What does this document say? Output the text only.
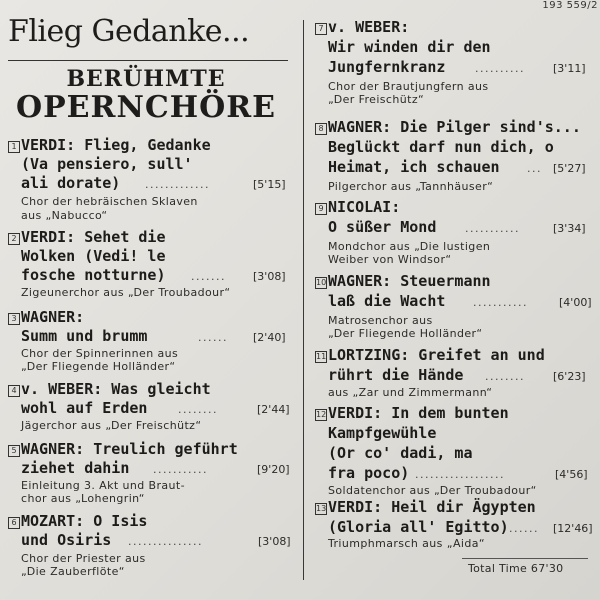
193 559/2
Flieg Gedanke...
BERÜHMTE
OPERNCHÖRE
1 VERDI: Flieg, Gedanke
(Va pensiero, sull'
ali dorate) .............	[5'15]
Chor der hebräischen Sklaven
aus „Nabucco“
2 VERDI: Sehet die
Wolken (Vedi! le
fosche notturne) ....... [3'08]
Zigeunerchor aus „Der Troubadour“
3 WAGNER:
Summ und brumm	...... [2'40]
Chor der Spinnerinnen aus
„Der Fliegende Holländer“
4 v. WEBER: Was gleicht
wohl auf Erden	........	[2'44]
Jägerchor aus „Der Freischütz“
5 WAGNER: Treulich geführt
ziehet dahin ...........	[9'20]
Einleitung 3. Akt und Braut-
chor aus „Lohengrin“
6 MOZART: O Isis
und Osiris ...............	[3'08]
Chor der Priester aus
„Die Zauberflöte“
7 v. WEBER:
Wir winden dir den
Jungfernkranz	..........	[3'11]
Chor der Brautjungfern aus
„Der Freischütz“
8 WAGNER: Die Pilger sind's...
Beglückt darf nun dich, o
Heimat, ich schauen ... [5'27]
Pilgerchor aus „Tannhäuser“
9 NICOLAI:
O süßer Mond	...........	[3'34]
Mondchor aus „Die lustigen
Weiber von Windsor“
10 WAGNER: Steuermann
laß die Wacht	...........	[4'00]
Matrosenchor aus
„Der Fliegende Holländer“
11 LORTZING: Greifet an und
rührt die Hände ........	[6'23]
aus „Zar und Zimmermann“
12 VERDI: In dem bunten
Kampfgewühle
(Or co' dadi, ma
fra poco) ..................	[4'56]
Soldatenchor aus „Der Troubadour“
13 VERDI: Heil dir Ägypten
(Gloria all' Egitto) ...... [12'46]
Triumphmarsch aus „Aida“
Total Time 67'30
